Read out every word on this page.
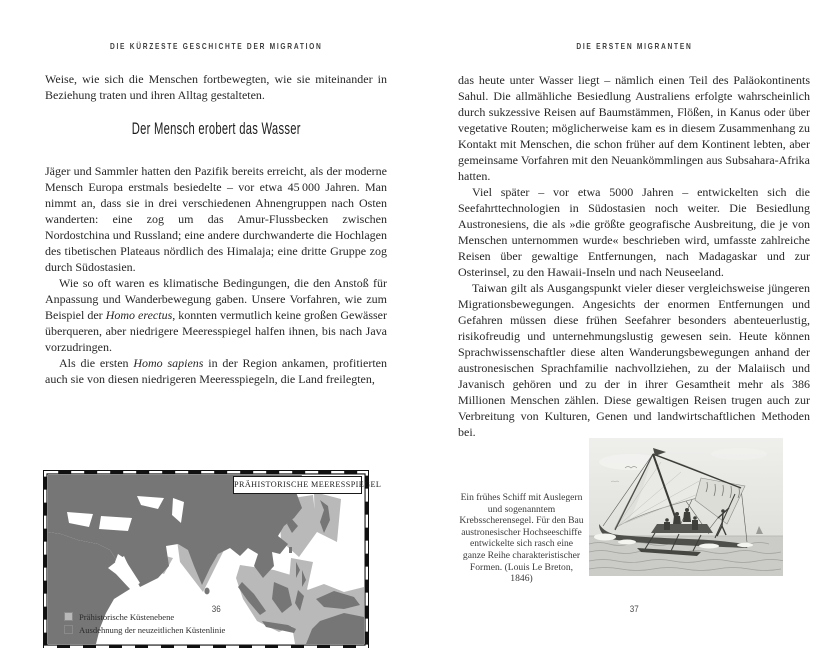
DIE KÜRZESTE GESCHICHTE DER MIGRATION

Weise, wie sich die Menschen fortbewegten, wie sie miteinander in Beziehung traten und ihren Alltag gestalteten.

Der Mensch erobert das Wasser

Jäger und Sammler hatten den Pazifik bereits erreicht, als der moderne Mensch Europa erstmals besiedelte – vor etwa 45 000 Jahren. Man nimmt an, dass sie in drei verschiedenen Ahnengruppen nach Osten wanderten: eine zog um das Amur-Flussbecken zwischen Nordostchina und Russland; eine andere durchwanderte die Hochlagen des tibetischen Plateaus nördlich des Himalaja; eine dritte Gruppe zog durch Südostasien.

Wie so oft waren es klimatische Bedingungen, die den Anstoß für Anpassung und Wanderbewegung gaben. Unsere Vorfahren, wie zum Beispiel der Homo erectus, konnten vermutlich keine großen Gewässer überqueren, aber niedrigere Meeresspiegel halfen ihnen, bis nach Java vorzudringen.

Als die ersten Homo sapiens in der Region ankamen, profitierten auch sie von diesen niedrigeren Meeresspiegeln, die Land freilegten,

PRÄHISTORISCHE MEERESSPIEGEL
Prähistorische Küstenebene
Ausdehnung der neuzeitlichen Küstenlinie
36
DIE ERSTEN MIGRANTEN

das heute unter Wasser liegt – nämlich einen Teil des Paläokontinents Sahul. Die allmähliche Besiedlung Australiens erfolgte wahrscheinlich durch sukzessive Reisen auf Baumstämmen, Flößen, in Kanus oder über vegetative Routen; möglicherweise kam es in diesem Zusammenhang zu Kontakt mit Menschen, die schon früher auf dem Kontinent lebten, aber gemeinsame Vorfahren mit den Neuankömmlingen aus Subsahara-Afrika hatten.

Viel später – vor etwa 5000 Jahren – entwickelten sich die Seefahrttechnologien in Südostasien noch weiter. Die Besiedlung Austronesiens, die als »die größte geografische Ausbreitung, die je von Menschen unternommen wurde« beschrieben wird, umfasste zahlreiche Reisen über gewaltige Entfernungen, nach Madagaskar und zur Osterinsel, zu den Hawaii-Inseln und nach Neuseeland.

Taiwan gilt als Ausgangspunkt vieler dieser vergleichsweise jüngeren Migrationsbewegungen. Angesichts der enormen Entfernungen und Gefahren müssen diese frühen Seefahrer besonders abenteuerlustig, risikofreudig und unternehmungslustig gewesen sein. Heute können Sprachwissenschaftler diese alten Wanderungsbewegungen anhand der austronesischen Sprachfamilie nachvollziehen, zu der Malaiisch und Javanisch gehören und zu der in ihrer Gesamtheit mehr als 386 Millionen Menschen zählen. Diese gewaltigen Reisen trugen auch zur Verbreitung von Kulturen, Genen und landwirtschaftlichen Methoden bei.

Ein frühes Schiff mit Auslegern und sogenanntem Krebsscherensegel. Für den Bau austronesischer Hochseeschiffe entwickelte sich rasch eine ganze Reihe charakteristischer Formen. (Louis Le Breton, 1846)
37
